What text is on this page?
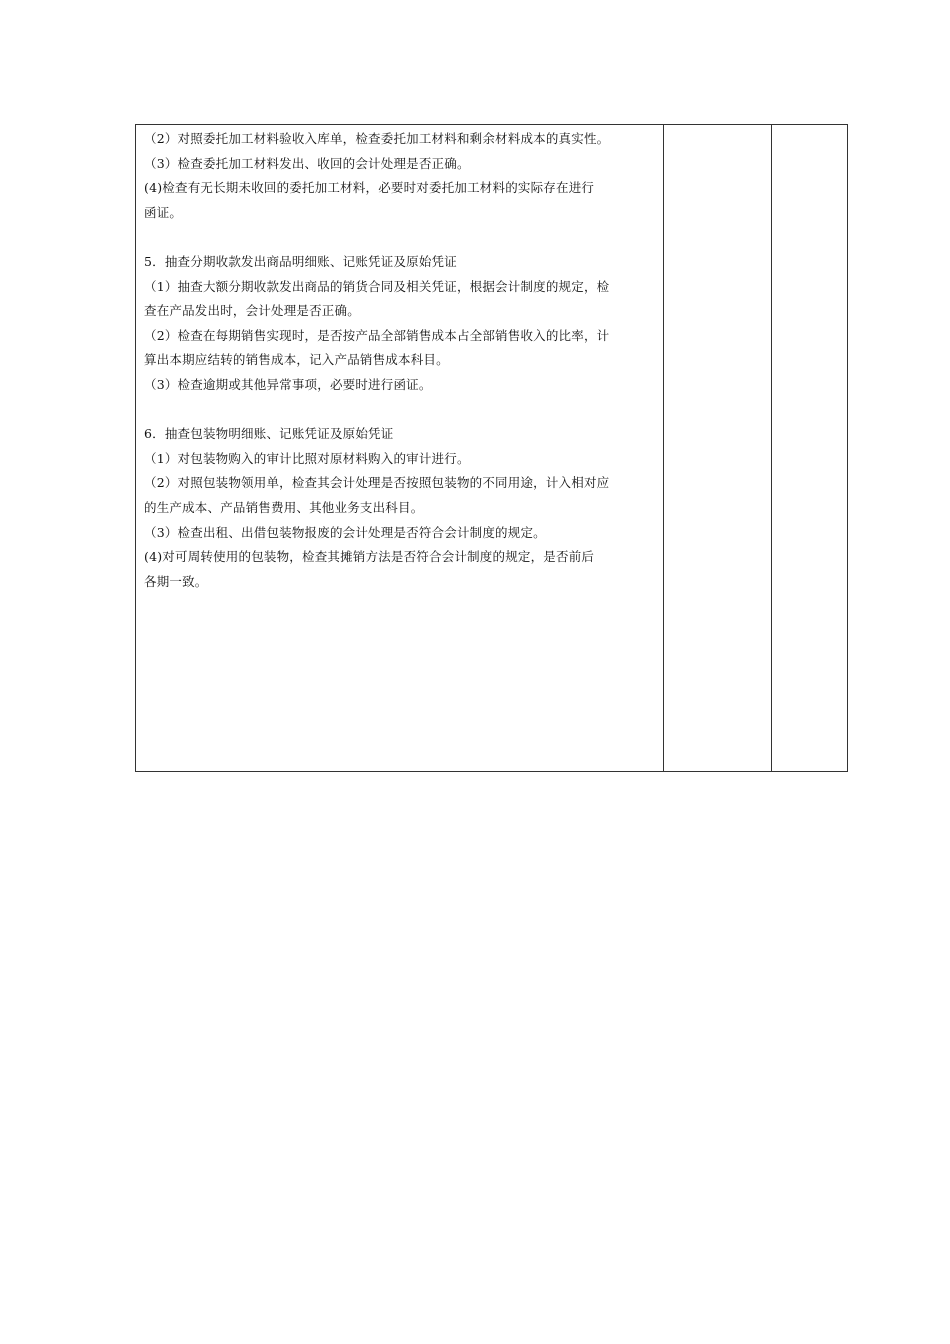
（2）对照委托加工材料验收入库单，检查委托加工材料和剩余材料成本的真实性。
（3）检查委托加工材料发出、收回的会计处理是否正确。
(4)检查有无长期未收回的委托加工材料，必要时对委托加工材料的实际存在进行
函证。
5．抽查分期收款发出商品明细账、记账凭证及原始凭证
（1）抽查大额分期收款发出商品的销货合同及相关凭证，根据会计制度的规定，检
查在产品发出时，会计处理是否正确。
（2）检查在每期销售实现时，是否按产品全部销售成本占全部销售收入的比率，计
算出本期应结转的销售成本，记入产品销售成本科目。
（3）检查逾期或其他异常事项，必要时进行函证。
6．抽查包装物明细账、记账凭证及原始凭证
（1）对包装物购入的审计比照对原材料购入的审计进行。
（2）对照包装物领用单，检查其会计处理是否按照包装物的不同用途，计入相对应
的生产成本、产品销售费用、其他业务支出科目。
（3）检查出租、出借包装物报废的会计处理是否符合会计制度的规定。
(4)对可周转使用的包装物，检查其摊销方法是否符合会计制度的规定，是否前后
各期一致。
